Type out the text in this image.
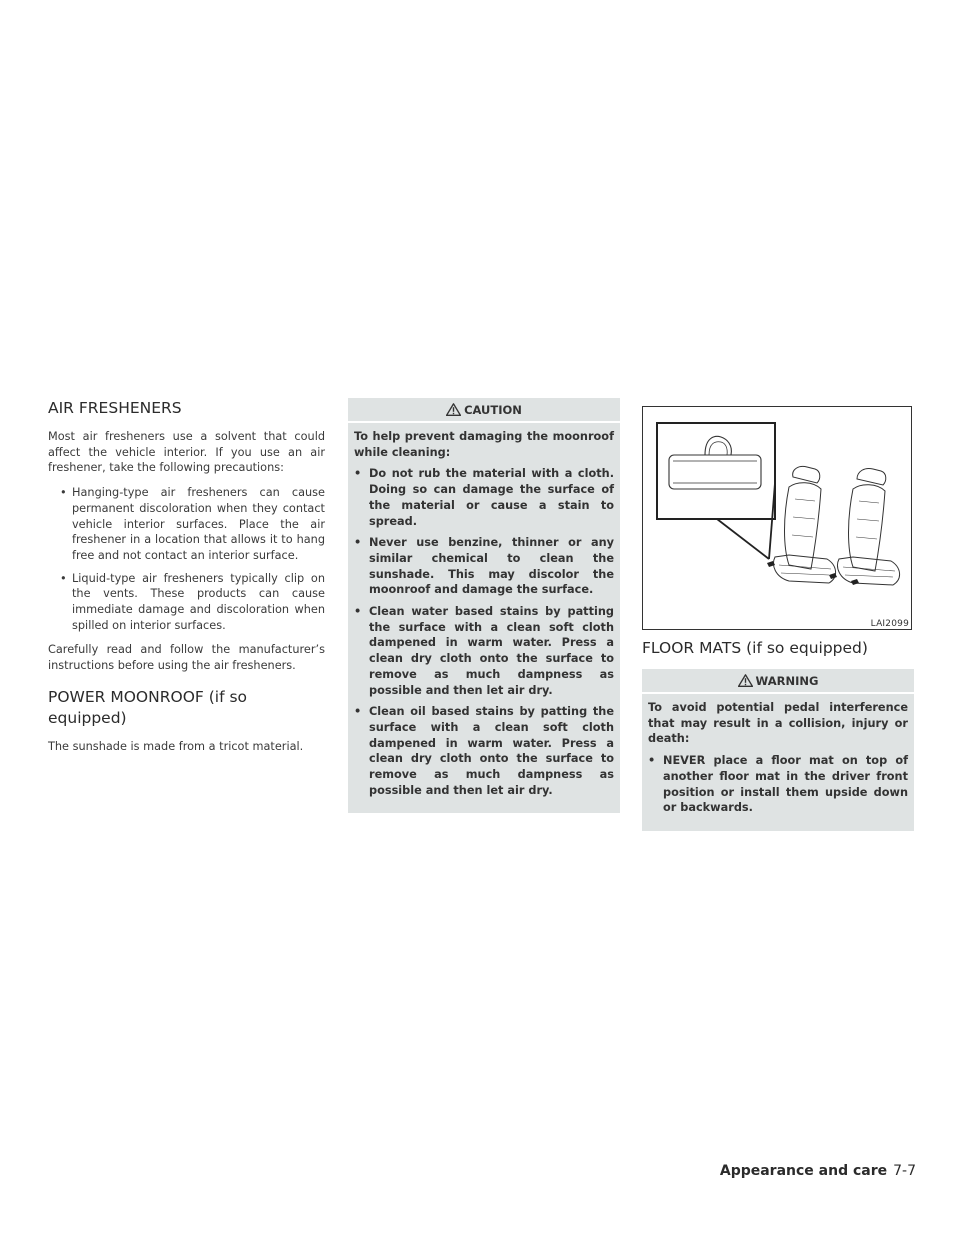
AIR FRESHENERS

Most air fresheners use a solvent that could affect the vehicle interior. If you use an air freshener, take the following precautions:

• Hanging-type air fresheners can cause permanent discoloration when they contact vehicle interior surfaces. Place the air freshener in a location that allows it to hang free and not contact an interior surface.
• Liquid-type air fresheners typically clip on the vents. These products can cause immediate damage and discoloration when spilled on interior surfaces.

Carefully read and follow the manufacturer’s instructions before using the air fresheners.

POWER MOONROOF (if so equipped)

The sunshade is made from a tricot material.

CAUTION

To help prevent damaging the moonroof while cleaning:

• Do not rub the material with a cloth. Doing so can damage the surface of the material or cause a stain to spread.
• Never use benzine, thinner or any similar chemical to clean the sunshade. This may discolor the moonroof and damage the surface.
• Clean water based stains by patting the surface with a clean soft cloth dampened in warm water. Press a clean dry cloth onto the surface to remove as much dampness as possible and then let air dry.
• Clean oil based stains by patting the surface with a clean soft cloth dampened in warm water. Press a clean dry cloth onto the surface to remove as much dampness as possible and then let air dry.
LAI2099
FLOOR MATS (if so equipped)
WARNING

To avoid potential pedal interference that may result in a collision, injury or death:

• NEVER place a floor mat on top of another floor mat in the driver front position or install them upside down or backwards.
Appearance and care 7-7
